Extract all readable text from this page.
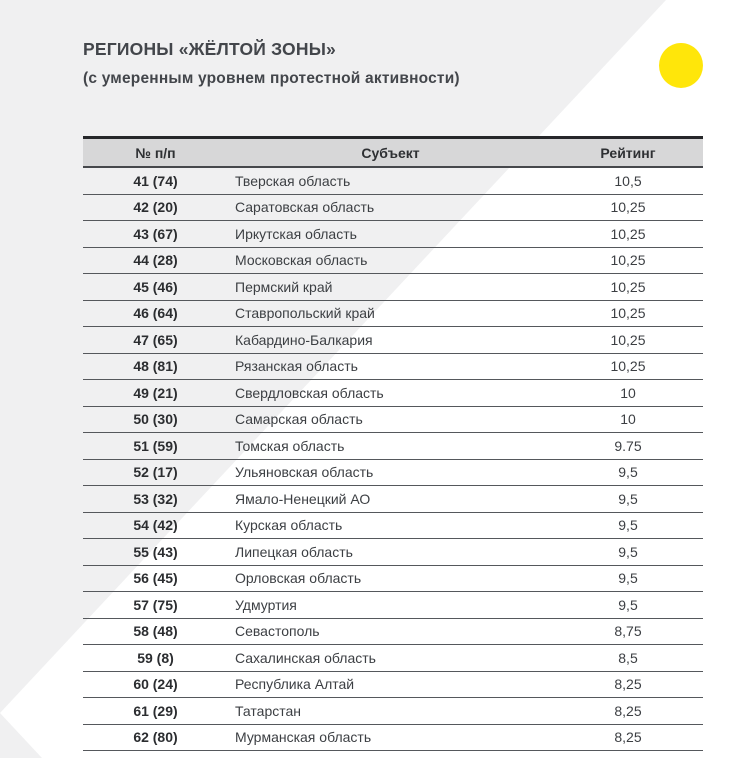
РЕГИОНЫ «ЖЁЛТОЙ ЗОНЫ»
(с умеренным уровнем протестной активности)
№ п/п	Субъект	Рейтинг
41 (74)	Тверская область	10,5
42 (20)	Саратовская область	10,25
43 (67)	Иркутская область	10,25
44 (28)	Московская область	10,25
45 (46)	Пермский край	10,25
46 (64)	Ставропольский край	10,25
47 (65)	Кабардино-Балкария	10,25
48 (81)	Рязанская область	10,25
49 (21)	Свердловская область	10
50 (30)	Самарская область	10
51 (59)	Томская область	9.75
52 (17)	Ульяновская область	9,5
53 (32)	Ямало-Ненецкий АО	9,5
54 (42)	Курская область	9,5
55 (43)	Липецкая область	9,5
56 (45)	Орловская область	9,5
57 (75)	Удмуртия	9,5
58 (48)	Севастополь	8,75
59 (8)	Сахалинская область	8,5
60 (24)	Республика Алтай	8,25
61 (29)	Татарстан	8,25
62 (80)	Мурманская область	8,25
